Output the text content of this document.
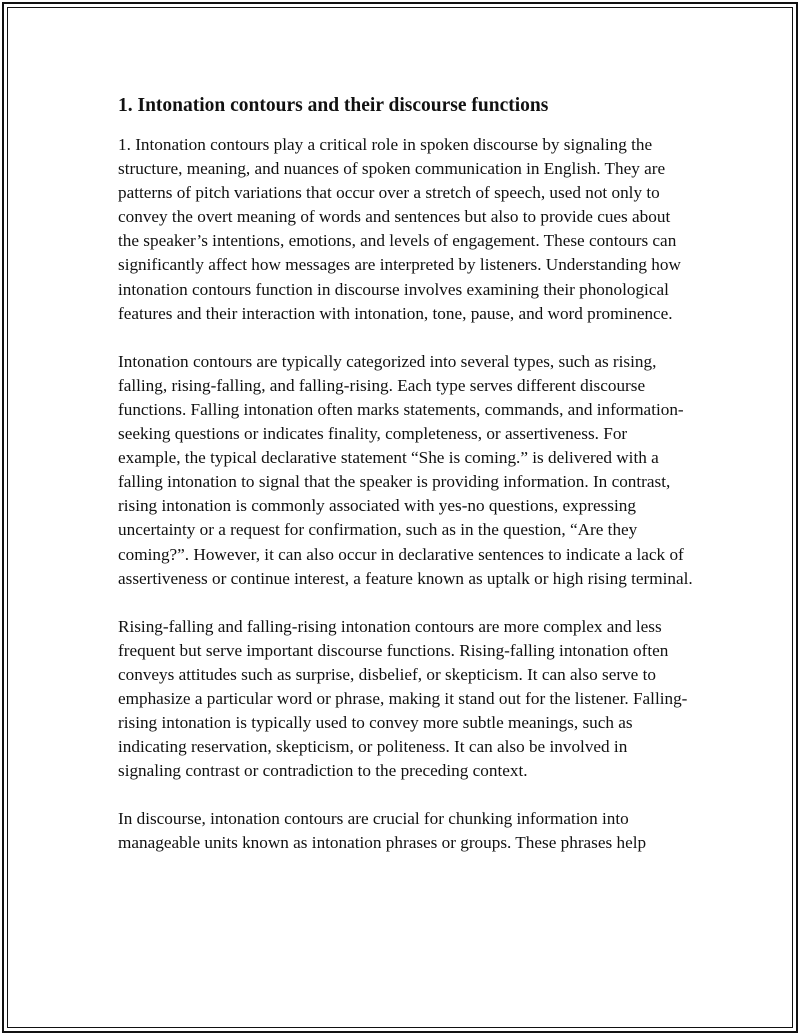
1. Intonation contours and their discourse functions

1. Intonation contours play a critical role in spoken discourse by signaling the structure, meaning, and nuances of spoken communication in English. They are patterns of pitch variations that occur over a stretch of speech, used not only to convey the overt meaning of words and sentences but also to provide cues about the speaker’s intentions, emotions, and levels of engagement. These contours can significantly affect how messages are interpreted by listeners. Understanding how intonation contours function in discourse involves examining their phonological features and their interaction with intonation, tone, pause, and word prominence.

Intonation contours are typically categorized into several types, such as rising, falling, rising-falling, and falling-rising. Each type serves different discourse functions. Falling intonation often marks statements, commands, and information-seeking questions or indicates finality, completeness, or assertiveness. For example, the typical declarative statement “She is coming.” is delivered with a falling intonation to signal that the speaker is providing information. In contrast, rising intonation is commonly associated with yes-no questions, expressing uncertainty or a request for confirmation, such as in the question, “Are they coming?”. However, it can also occur in declarative sentences to indicate a lack of assertiveness or continue interest, a feature known as uptalk or high rising terminal.

Rising-falling and falling-rising intonation contours are more complex and less frequent but serve important discourse functions. Rising-falling intonation often conveys attitudes such as surprise, disbelief, or skepticism. It can also serve to emphasize a particular word or phrase, making it stand out for the listener. Falling-rising intonation is typically used to convey more subtle meanings, such as indicating reservation, skepticism, or politeness. It can also be involved in signaling contrast or contradiction to the preceding context.

In discourse, intonation contours are crucial for chunking information into manageable units known as intonation phrases or groups. These phrases help
